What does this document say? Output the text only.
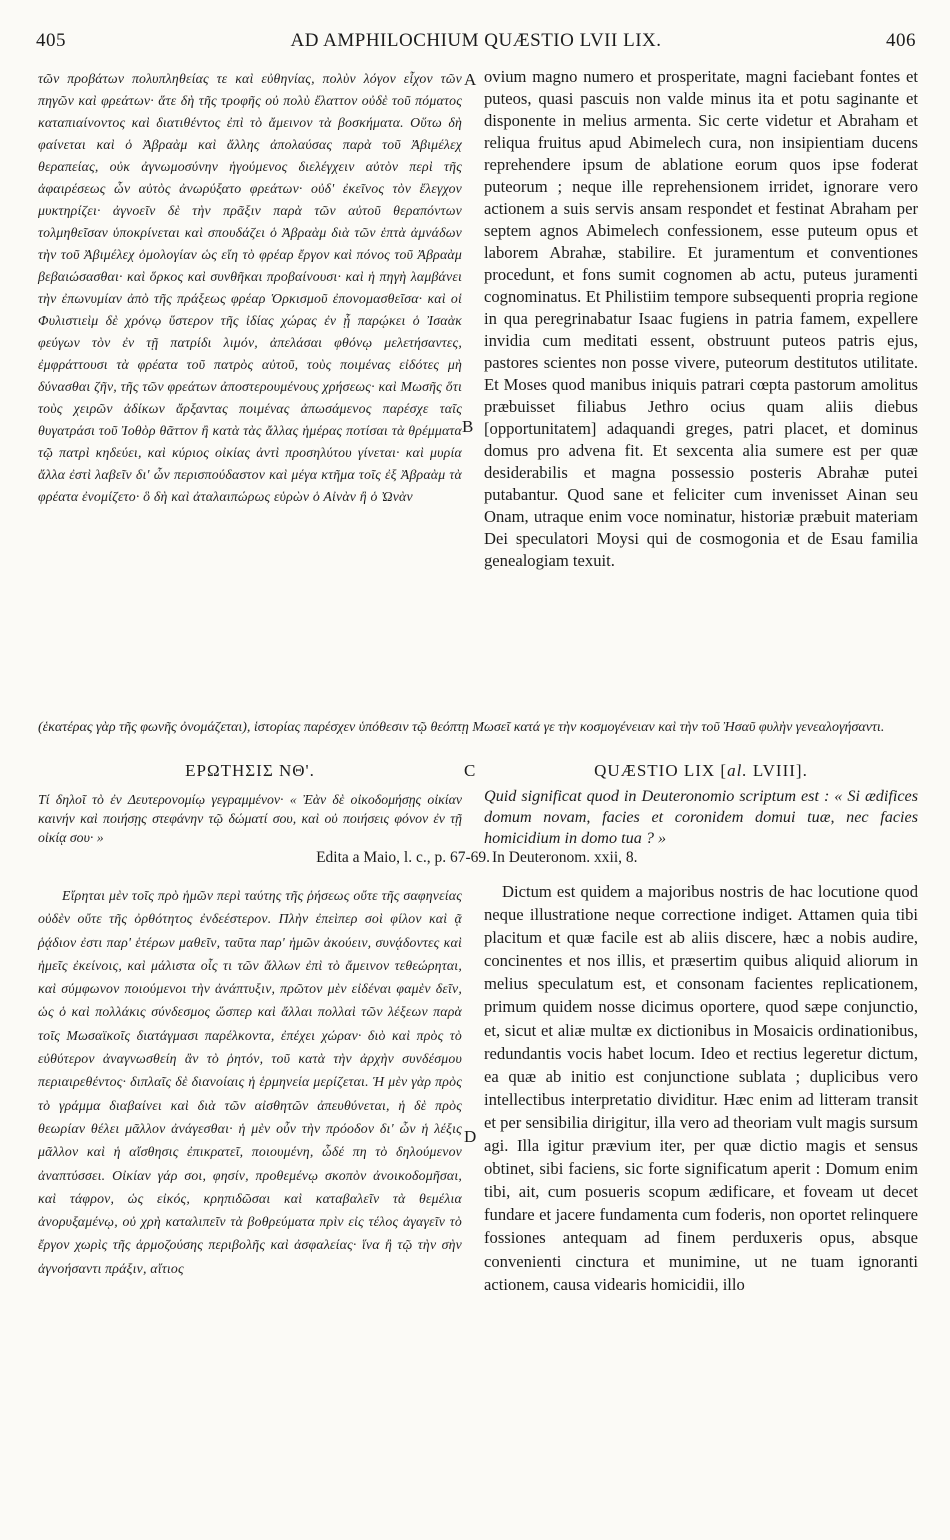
405	AD AMPHILOCHIUM QUÆSTIO LVII LIX.	406
τῶν προβάτων πολυπληθείας τε καὶ εὐθηνίας, πολὺν λόγον εἶχον τῶν πηγῶν καὶ φρεάτων· ἅτε δὴ τῆς τροφῆς οὐ πολὺ ἔλαττον οὐδὲ τοῦ πόματος καταπιαίνοντος καὶ διατιθέντος ἐπὶ τὸ ἄμεινον τὰ βοσκήματα. Οὕτω δὴ φαίνεται καὶ ὁ Ἀβραὰμ καὶ ἄλλης ἀπολαύσας παρὰ τοῦ Ἀβιμέλεχ θεραπείας, οὐκ ἀγνωμοσύνην ἡγούμενος διελέγχειν αὐτὸν περὶ τῆς ἀφαιρέσεως ὧν αὐτὸς ἀνωρύξατο φρεάτων· οὐδ' ἐκεῖνος τὸν ἔλεγχον μυκτηρίζει· ἀγνοεῖν δὲ τὴν πρᾶξιν παρὰ τῶν αὐτοῦ θεραπόντων τολμηθεῖσαν ὑποκρίνεται καὶ σπουδάζει ὁ Ἀβραὰμ διὰ τῶν ἑπτὰ ἀμνάδων τὴν τοῦ Ἀβιμέλεχ ὁμολογίαν ὡς εἴη τὸ φρέαρ ἔργον καὶ πόνος τοῦ Ἀβραὰμ βεβαιώσασθαι· καὶ ὅρκος καὶ συνθῆκαι προβαίνουσι· καὶ ἡ πηγὴ λαμβάνει τὴν ἐπωνυμίαν ἀπὸ τῆς πράξεως φρέαρ Ὁρκισμοῦ ἐπονομασθεῖσα· καὶ οἱ Φυλιστιεὶμ δὲ χρόνῳ ὕστερον τῆς ἰδίας χώρας ἐν ᾗ παρῴκει ὁ Ἰσαὰκ φεύγων τὸν ἐν τῇ πατρίδι λιμόν, ἀπελάσαι φθόνῳ μελετήσαντες, ἐμφράττουσι τὰ φρέατα τοῦ πατρὸς αὐτοῦ, τοὺς ποιμένας εἰδότες μὴ δύνασθαι ζῆν, τῆς τῶν φρεάτων ἀποστερουμένους χρήσεως· καὶ Μωσῆς ὅτι τοὺς χειρῶν ἀδίκων ἄρξαντας ποιμένας ἀπωσάμενος παρέσχε ταῖς θυγατράσι τοῦ Ἰοθὸρ θᾶττον ἢ κατὰ τὰς ἄλλας ἡμέρας ποτίσαι τὰ θρέμματα τῷ πατρὶ κηδεύει, καὶ κύριος οἰκίας ἀντὶ προσηλύτου γίνεται· καὶ μυρία ἄλλα ἐστὶ λαβεῖν δι' ὧν περισπούδαστον καὶ μέγα κτῆμα τοῖς ἐξ Ἀβραὰμ τὰ φρέατα ἐνομίζετο· ὃ δὴ καὶ ἀταλαιπώρως εὑρὼν ὁ Αἰνὰν ἢ ὁ Ὠνὰν
ovium magno numero et prosperitate, magni faciebant fontes et puteos, quasi pascuis non valde minus ita et potu saginante et disponente in melius armenta. Sic certe videtur et Abraham et reliqua fruitus apud Abimelech cura, non insipientiam ducens reprehendere ipsum de ablatione eorum quos ipse foderat puteorum ; neque ille reprehensionem irridet, ignorare vero actionem a suis servis ansam respondet et festinat Abraham per septem agnos Abimelech confessionem, esse puteum opus et laborem Abrahæ, stabilire. Et juramentum et conventiones procedunt, et fons sumit cognomen ab actu, puteus juramenti cognominatus. Et Philistiim tempore subsequenti propria regione in qua peregrinabatur Isaac fugiens in patria famem, expellere invidia cum meditati essent, obstruunt puteos patris ejus, pastores scientes non posse vivere, puteorum destitutos utilitate. Et Moses quod manibus iniquis patrari cœpta pastorum amolitus præbuisset filiabus Jethro ocius quam aliis diebus [opportunitatem] adaquandi greges, patri placet, et dominus domus pro advena fit. Et sexcenta alia sumere est per quæ desiderabilis et magna possessio posteris Abrahæ putei putabantur. Quod sane et feliciter cum invenisset Ainan seu Onam, utraque enim voce nominatur, historiæ præbuit materiam Dei speculatori Moysi qui de cosmogonia et de Esau familia genealogiam texuit.
(ἑκατέρας γὰρ τῆς φωνῆς ὀνομάζεται), ἱστορίας παρέσχεν ὑπόθεσιν τῷ θεόπτῃ Μωσεῖ κατά γε τὴν κοσμογένειαν καὶ τὴν τοῦ Ἠσαῦ φυλὴν γενεαλογήσαντι.
A
B
C
D
ΕΡΩΤΗΣΙΣ ΝΘ'.	QUÆSTIO LIX [al. LVIII].
Τί δηλοῖ τὸ ἐν Δευτερονομίῳ γεγραμμένον· « Ἐὰν δὲ οἰκοδομήσῃς οἰκίαν καινήν καὶ ποιήσῃς στεφάνην τῷ δώματί σου, καὶ οὐ ποιήσεις φόνον ἐν τῇ οἰκίᾳ σου· »
Quid significat quod in Deuteronomio scriptum est : « Si ædifices domum novam, facies et coronidem domui tuæ, nec facies homicidium in domo tua ? »
Edita a Maio, l. c., p. 67-69. In Deuteronom. xxii, 8.
Εἴρηται μὲν τοῖς πρὸ ἡμῶν περὶ ταύτης τῆς ῥήσεως οὔτε τῆς σαφηνείας οὐδὲν οὔτε τῆς ὀρθότητος ἐνδεέστερον. Πλὴν ἐπεὶπερ σοὶ φίλον καὶ ᾷ ῥᾴδιον ἐστι παρ' ἑτέρων μαθεῖν, ταῦτα παρ' ἡμῶν ἀκούειν, συνᾴδοντες καὶ ἡμεῖς ἐκείνοις, καὶ μάλιστα οἷς τι τῶν ἄλλων ἐπὶ τὸ ἄμεινον τεθεώρηται, καὶ σύμφωνον ποιούμενοι τὴν ἀνάπτυξιν, πρῶτον μὲν εἰδέναι φαμὲν δεῖν, ὡς ὁ καὶ πολλάκις σύνδεσμος ὥσπερ καὶ ἄλλαι πολλαὶ τῶν λέξεων παρὰ τοῖς Μωσαϊκοῖς διατάγμασι παρέλκοντα, ἐπέχει χώραν· διὸ καὶ πρὸς τὸ εὐθύτερον ἀναγνωσθείη ἂν τὸ ῥητόν, τοῦ κατὰ τὴν ἀρχὴν συνδέσμου περιαιρεθέντος· διπλαῖς δὲ διανοίαις ἡ ἑρμηνεία μερίζεται. Ἡ μὲν γὰρ πρὸς τὸ γράμμα διαβαίνει καὶ διὰ τῶν αἰσθητῶν ἀπευθύνεται, ἡ δὲ πρὸς θεωρίαν θέλει μᾶλλον ἀνάγεσθαι· ἡ μὲν οὖν τὴν πρόοδον δι' ὧν ἡ λέξις μᾶλλον καὶ ἡ αἴσθησις ἐπικρατεῖ, ποιουμένη, ὧδέ πη τὸ δηλούμενον ἀναπτύσσει. Οἰκίαν γάρ σοι, φησίν, προθεμένῳ σκοπὸν ἀνοικοδομῆσαι, καὶ τάφρον, ὡς εἰκός, κρηπιδῶσαι καὶ καταβαλεῖν τὰ θεμέλια ἀνορυξαμένῳ, οὐ χρὴ καταλιπεῖν τὰ βοθρεύματα πρὶν εἰς τέλος ἀγαγεῖν τὸ ἔργον χωρὶς τῆς ἁρμοζούσης περιβολῆς καὶ ἀσφαλείας· ἵνα ἢ τῷ τὴν σὴν ἀγνοήσαντι πράξιν, αἴτιος
Dictum est quidem a majoribus nostris de hac locutione quod neque illustratione neque correctione indiget. Attamen quia tibi placitum et quæ facile est ab aliis discere, hæc a nobis audire, concinentes et nos illis, et præsertim quibus aliquid aliorum in melius speculatum est, et consonam facientes replicationem, primum quidem nosse dicimus oportere, quod sæpe conjunctio, et, sicut et aliæ multæ ex dictionibus in Mosaicis ordinationibus, redundantis vocis habet locum. Ideo et rectius legeretur dictum, ea quæ ab initio est conjunctione sublata ; duplicibus vero intellectibus interpretatio dividitur. Hæc enim ad litteram transit et per sensibilia dirigitur, illa vero ad theoriam vult magis sursum agi. Illa igitur prævium iter, per quæ dictio magis et sensus obtinet, sibi faciens, sic forte significatum aperit : Domum enim tibi, ait, cum posueris scopum ædificare, et foveam ut decet fundare et jacere fundamenta cum foderis, non oportet relinquere fossiones antequam ad finem perduxeris opus, absque convenienti cinctura et munimine, ut ne tuam ignoranti actionem, causa videaris homicidii, illo
